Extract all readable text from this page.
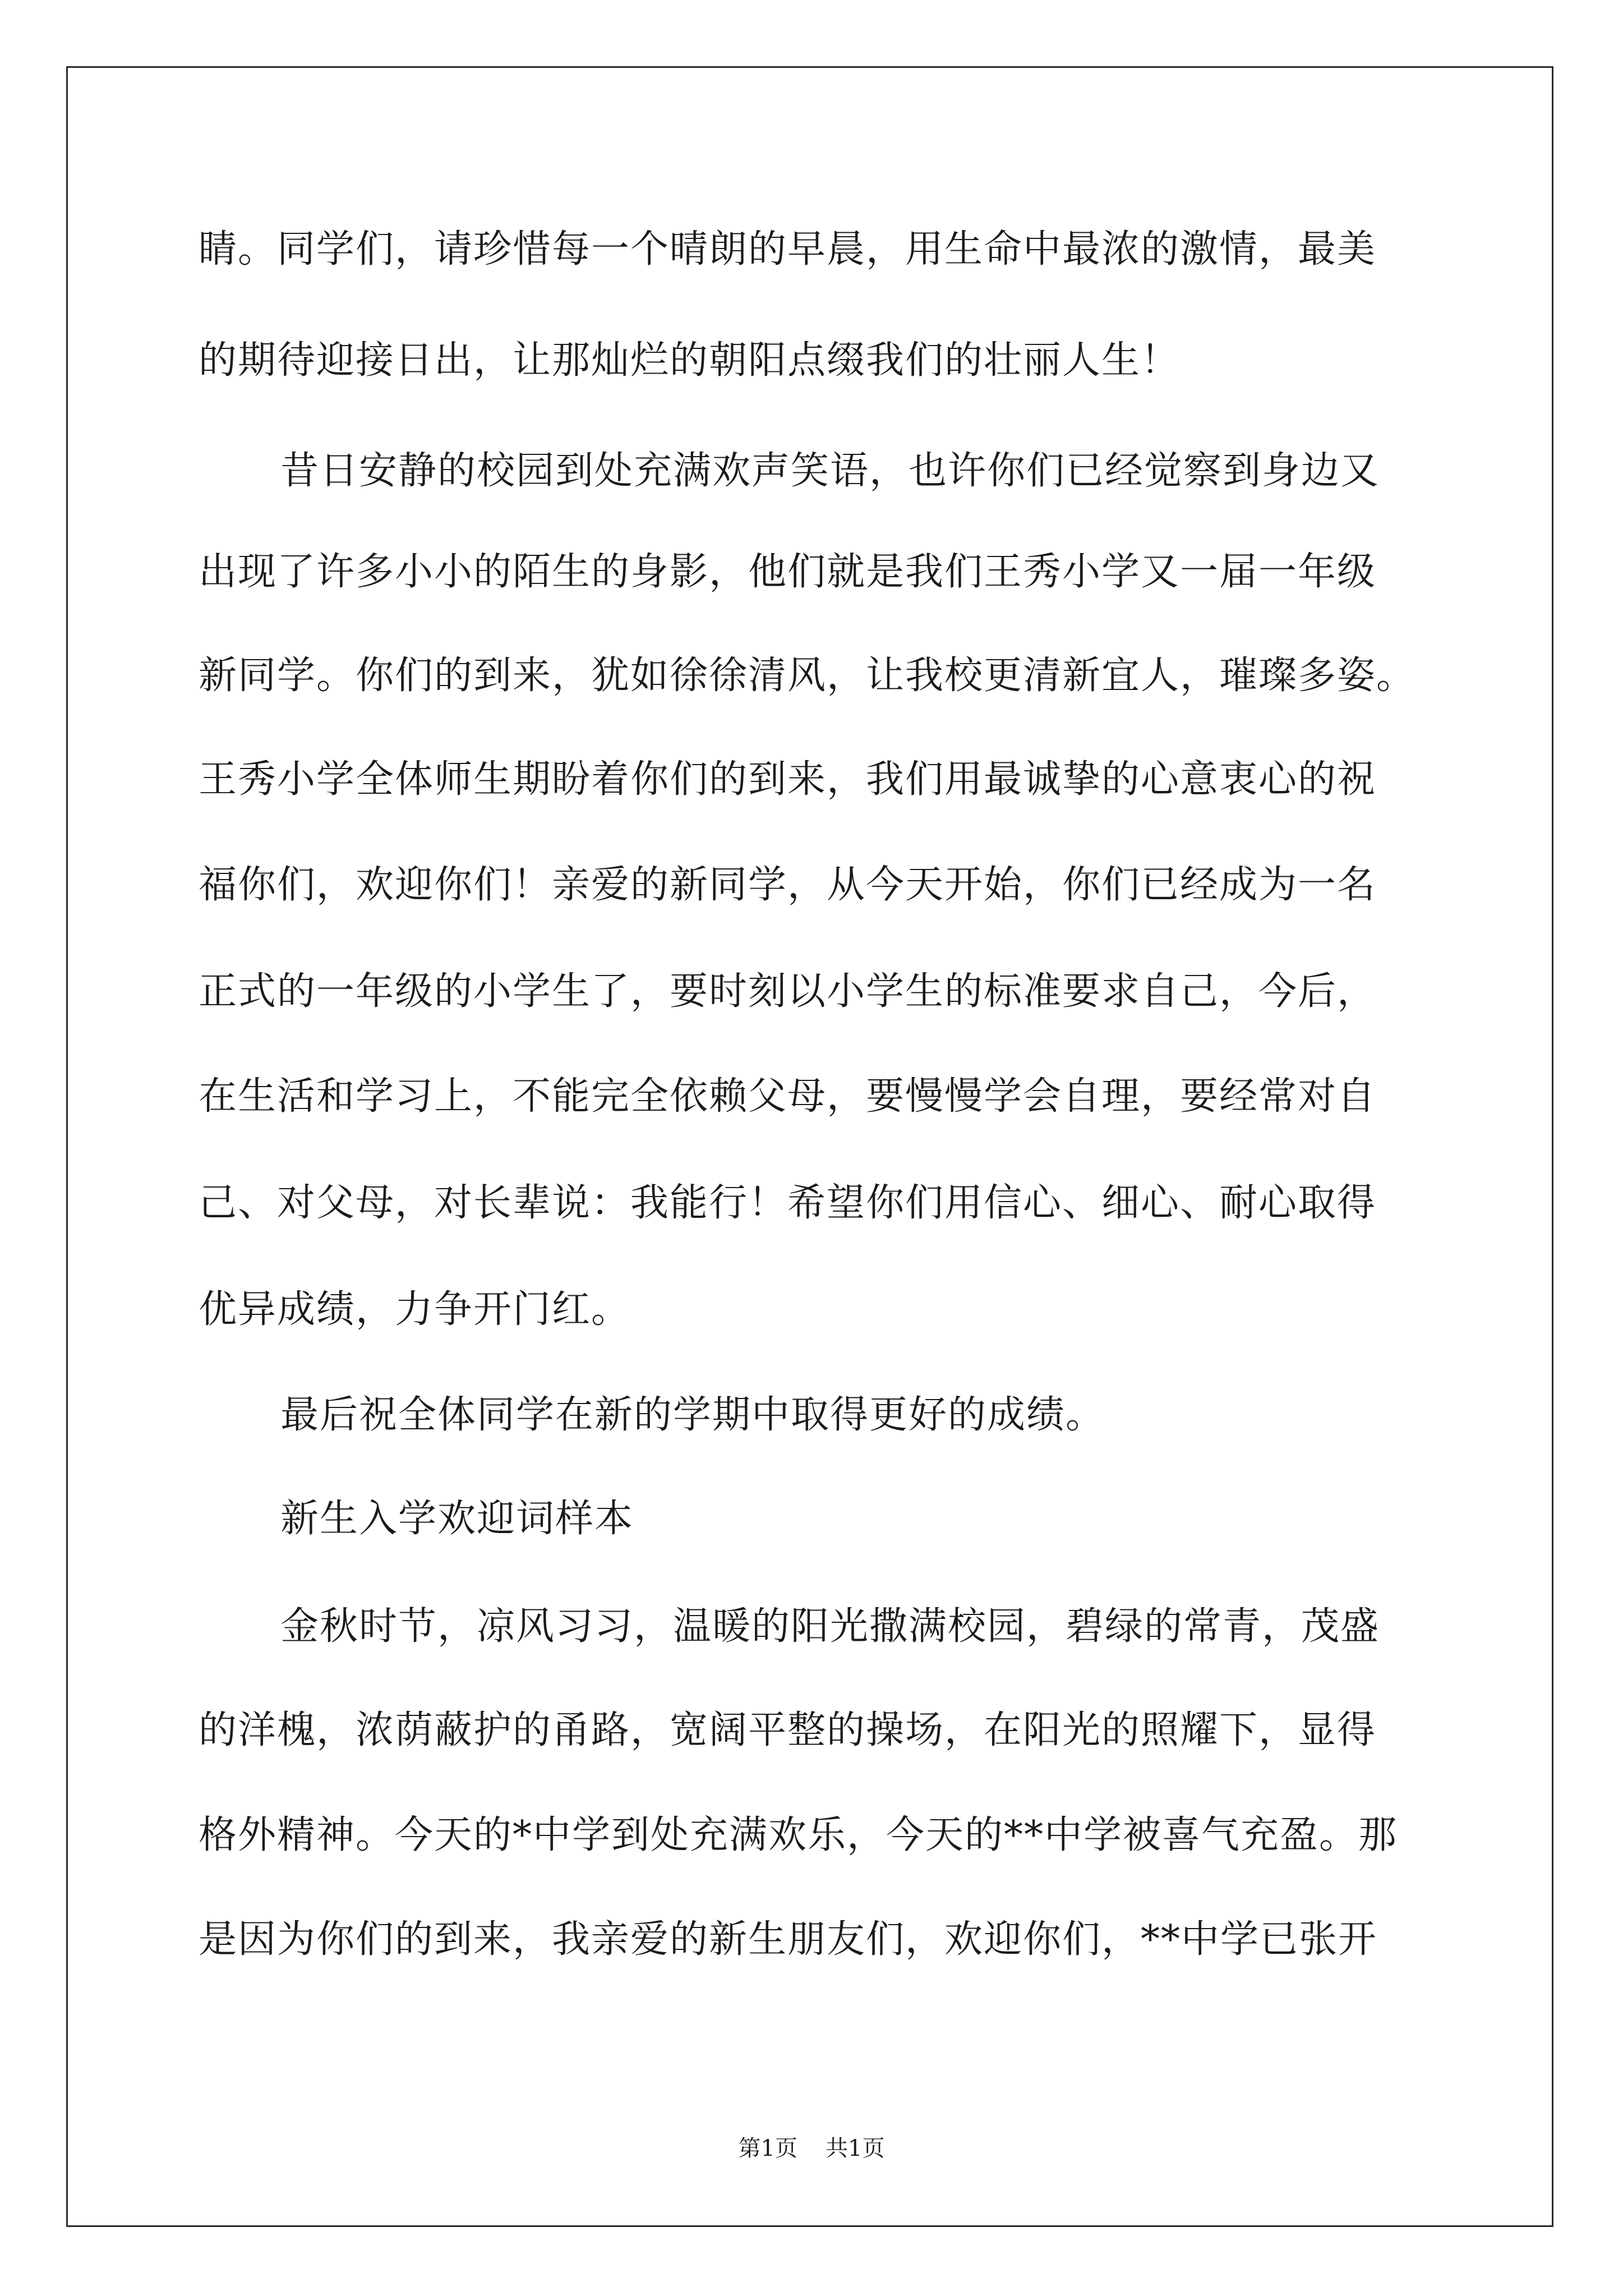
睛。同学们，请珍惜每一个晴朗的早晨，用生命中最浓的激情，最美
的期待迎接日出，让那灿烂的朝阳点缀我们的壮丽人生！
昔日安静的校园到处充满欢声笑语，也许你们已经觉察到身边又
出现了许多小小的陌生的身影，他们就是我们王秀小学又一届一年级
新同学。你们的到来，犹如徐徐清风，让我校更清新宜人，璀璨多姿。
王秀小学全体师生期盼着你们的到来，我们用最诚挚的心意衷心的祝
福你们，欢迎你们！亲爱的新同学，从今天开始，你们已经成为一名
正式的一年级的小学生了，要时刻以小学生的标准要求自己，今后，
在生活和学习上，不能完全依赖父母，要慢慢学会自理，要经常对自
己、对父母，对长辈说：我能行！希望你们用信心、细心、耐心取得
优异成绩，力争开门红。
最后祝全体同学在新的学期中取得更好的成绩。
新生入学欢迎词样本
金秋时节，凉风习习，温暖的阳光撒满校园，碧绿的常青，茂盛
的洋槐，浓荫蔽护的甬路，宽阔平整的操场，在阳光的照耀下，显得
格外精神。今天的*中学到处充满欢乐，今天的**中学被喜气充盈。那
是因为你们的到来，我亲爱的新生朋友们，欢迎你们，**中学已张开
第1页 共1页
